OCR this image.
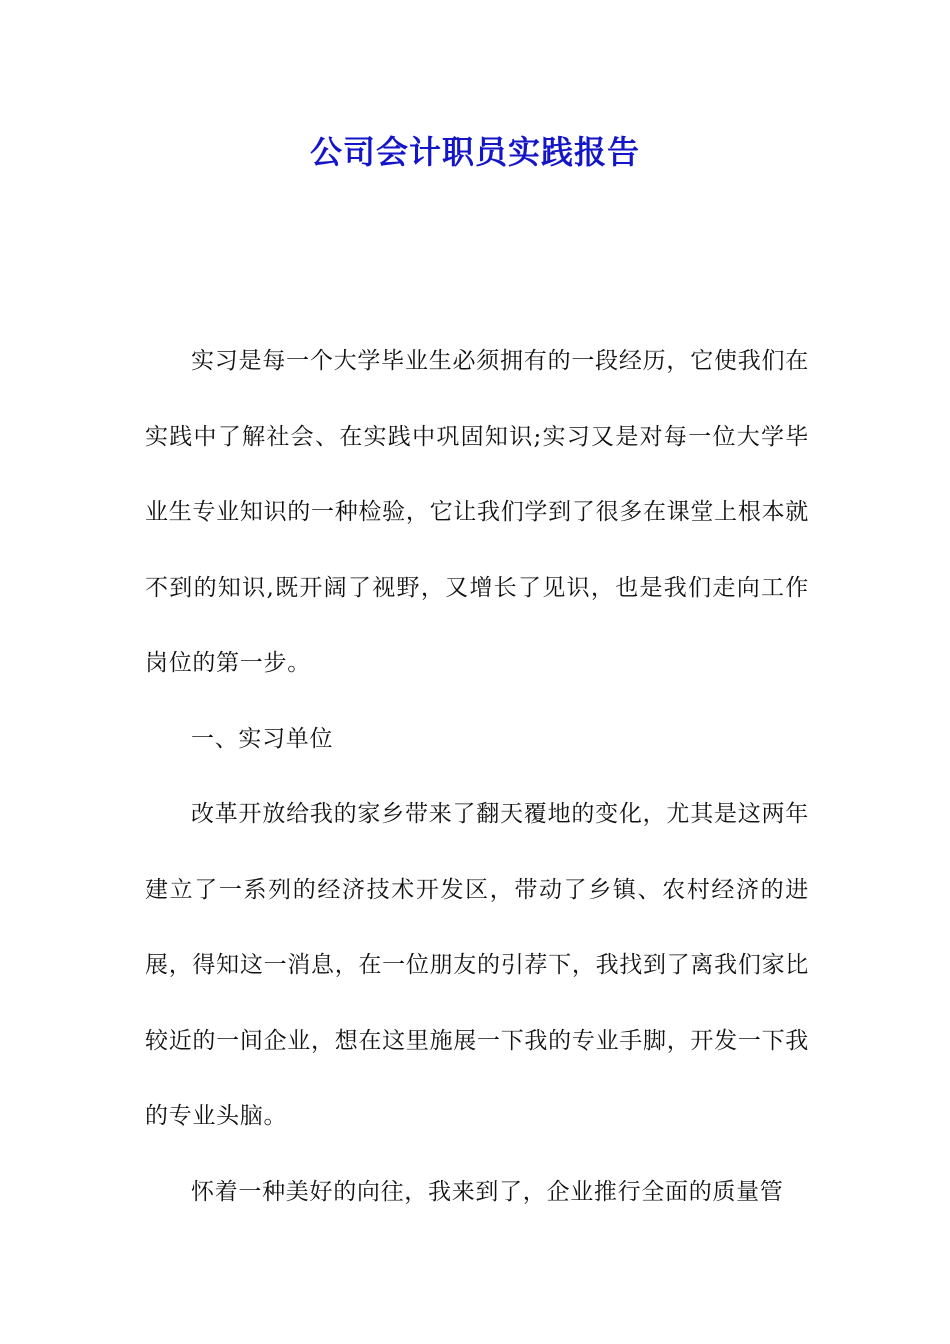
公司会计职员实践报告

实习是每一个大学毕业生必须拥有的一段经历，它使我们在实践中了解社会、在实践中巩固知识;实习又是对每一位大学毕业生专业知识的一种检验，它让我们学到了很多在课堂上根本就不到的知识,既开阔了视野，又增长了见识，也是我们走向工作岗位的第一步。

一、实习单位

改革开放给我的家乡带来了翻天覆地的变化，尤其是这两年建立了一系列的经济技术开发区，带动了乡镇、农村经济的进展，得知这一消息，在一位朋友的引荐下，我找到了离我们家比较近的一间企业，想在这里施展一下我的专业手脚，开发一下我的专业头脑。

怀着一种美好的向往，我来到了，企业推行全面的质量管
